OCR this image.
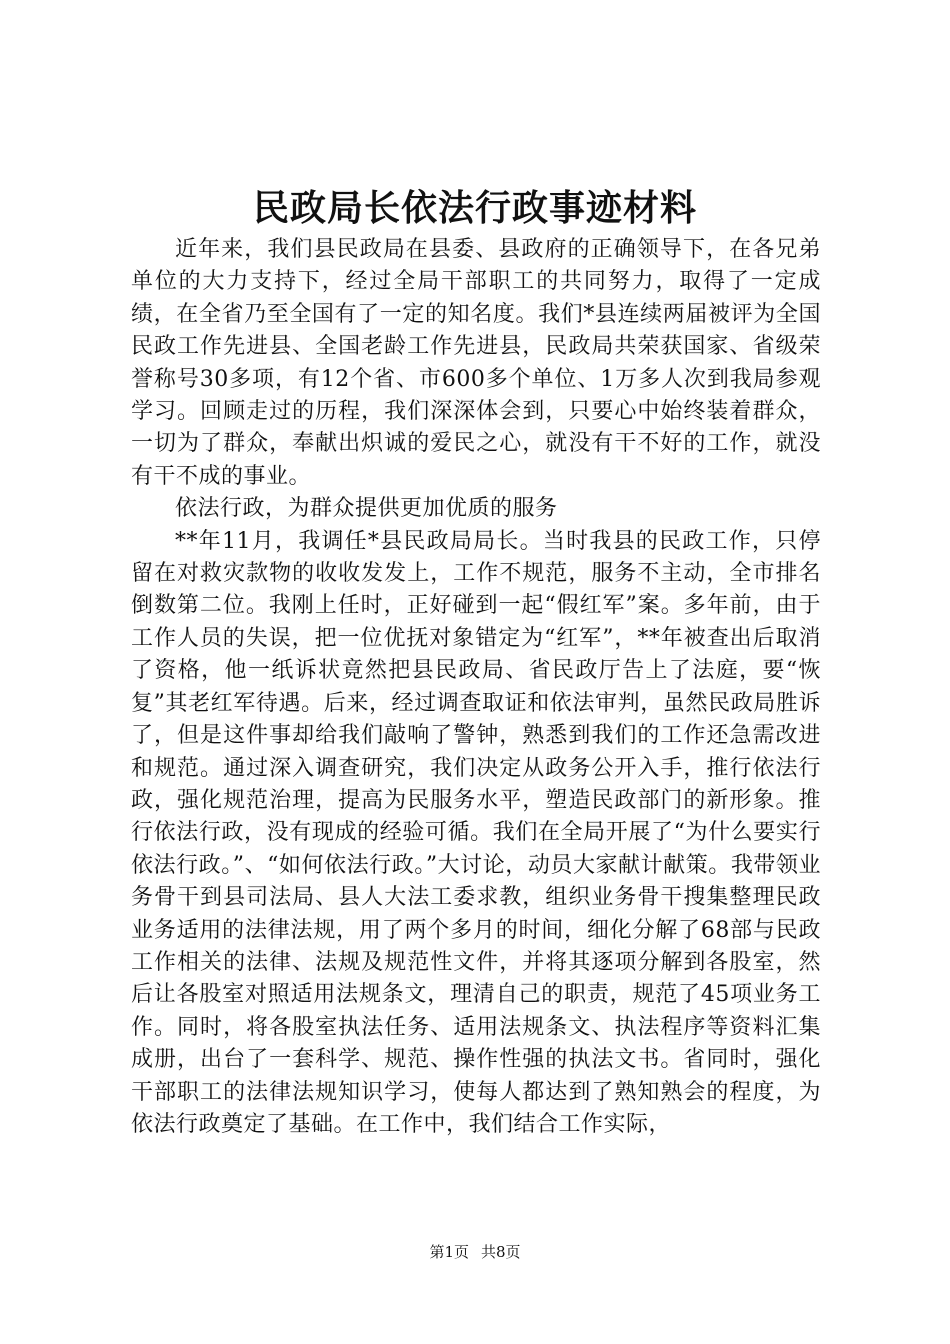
民政局长依法行政事迹材料

近年来，我们县民政局在县委、县政府的正确领导下，在各兄弟单位的大力支持下，经过全局干部职工的共同努力，取得了一定成绩，在全省乃至全国有了一定的知名度。我们*县连续两届被评为全国民政工作先进县、全国老龄工作先进县，民政局共荣获国家、省级荣誉称号30多项，有12个省、市600多个单位、1万多人次到我局参观学习。回顾走过的历程，我们深深体会到，只要心中始终装着群众，一切为了群众，奉献出炽诚的爱民之心，就没有干不好的工作，就没有干不成的事业。

依法行政，为群众提供更加优质的服务

**年11月，我调任*县民政局局长。当时我县的民政工作，只停留在对救灾款物的收收发发上，工作不规范，服务不主动，全市排名倒数第二位。我刚上任时，正好碰到一起“假红军”案。多年前，由于工作人员的失误，把一位优抚对象错定为“红军”，**年被查出后取消了资格，他一纸诉状竟然把县民政局、省民政厅告上了法庭，要“恢复”其老红军待遇。后来，经过调查取证和依法审判，虽然民政局胜诉了，但是这件事却给我们敲响了警钟，熟悉到我们的工作还急需改进和规范。通过深入调查研究，我们决定从政务公开入手，推行依法行政，强化规范治理，提高为民服务水平，塑造民政部门的新形象。推行依法行政，没有现成的经验可循。我们在全局开展了“为什么要实行依法行政。”、“如何依法行政。”大讨论，动员大家献计献策。我带领业务骨干到县司法局、县人大法工委求教，组织业务骨干搜集整理民政业务适用的法律法规，用了两个多月的时间，细化分解了68部与民政工作相关的法律、法规及规范性文件，并将其逐项分解到各股室，然后让各股室对照适用法规条文，理清自己的职责，规范了45项业务工作。同时，将各股室执法任务、适用法规条文、执法程序等资料汇集成册，出台了一套科学、规范、操作性强的执法文书。省同时，强化干部职工的法律法规知识学习，使每人都达到了熟知熟会的程度，为依法行政奠定了基础。在工作中，我们结合工作实际，

第1页 共8页
